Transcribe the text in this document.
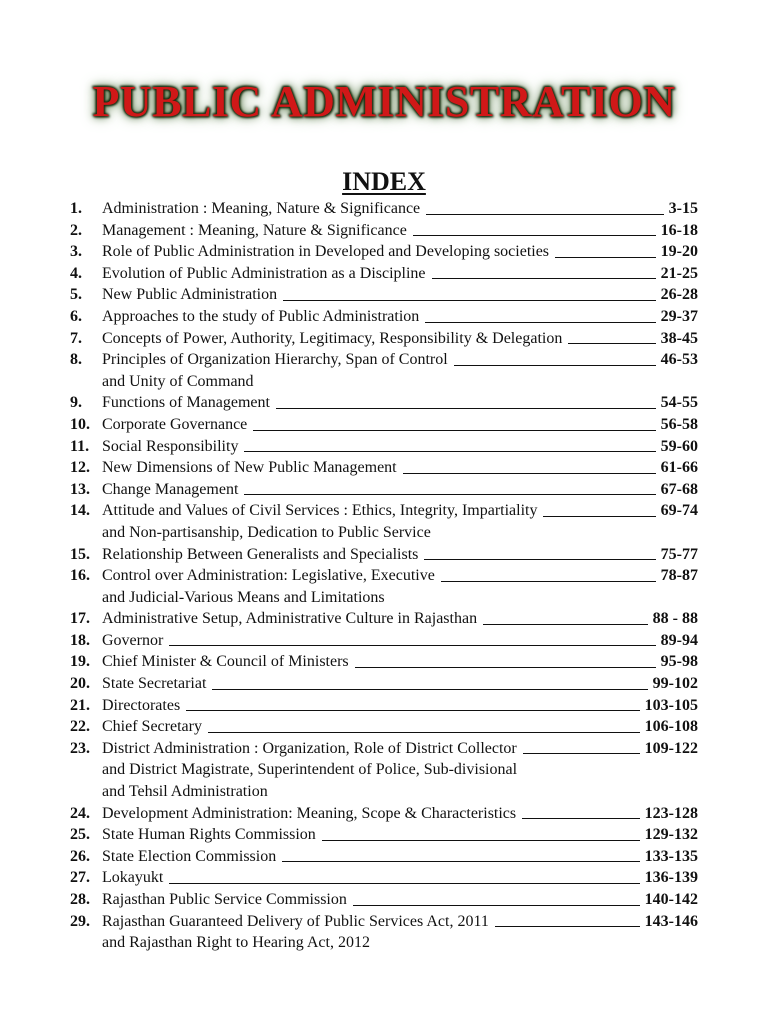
PUBLIC ADMINISTRATION
INDEX
1.	Administration : Meaning, Nature & Significance	3-15
2.	Management : Meaning, Nature & Significance	16-18
3.	Role of Public Administration in Developed and Developing societies	19-20
4.	Evolution of Public Administration as a Discipline	21-25
5.	New Public Administration	26-28
6.	Approaches to the study of Public Administration	29-37
7.	Concepts of Power, Authority, Legitimacy, Responsibility & Delegation	38-45
8.	Principles of Organization Hierarchy, Span of Control	46-53
and Unity of Command
9.	Functions of Management	54-55
10. Corporate Governance	56-58
11. Social Responsibility	59-60
12. New Dimensions of New Public Management	61-66
13. Change Management	67-68
14. Attitude and Values of Civil Services : Ethics, Integrity, Impartiality	69-74
and Non-partisanship, Dedication to Public Service
15. Relationship Between Generalists and Specialists	75-77
16. Control over Administration: Legislative, Executive	78-87
and Judicial-Various Means and Limitations
17. Administrative Setup, Administrative Culture in Rajasthan	88 - 88
18. Governor	89-94
19. Chief Minister & Council of Ministers	95-98
20. State Secretariat	99-102
21. Directorates	103-105
22. Chief Secretary	106-108
23. District Administration : Organization, Role of District Collector	109-122
and District Magistrate, Superintendent of Police, Sub-divisional
and Tehsil Administration
24. Development Administration: Meaning, Scope & Characteristics	123-128
25. State Human Rights Commission	129-132
26. State Election Commission	133-135
27. Lokayukt	136-139
28. Rajasthan Public Service Commission	140-142
29. Rajasthan Guaranteed Delivery of Public Services Act, 2011	143-146
and Rajasthan Right to Hearing Act, 2012
